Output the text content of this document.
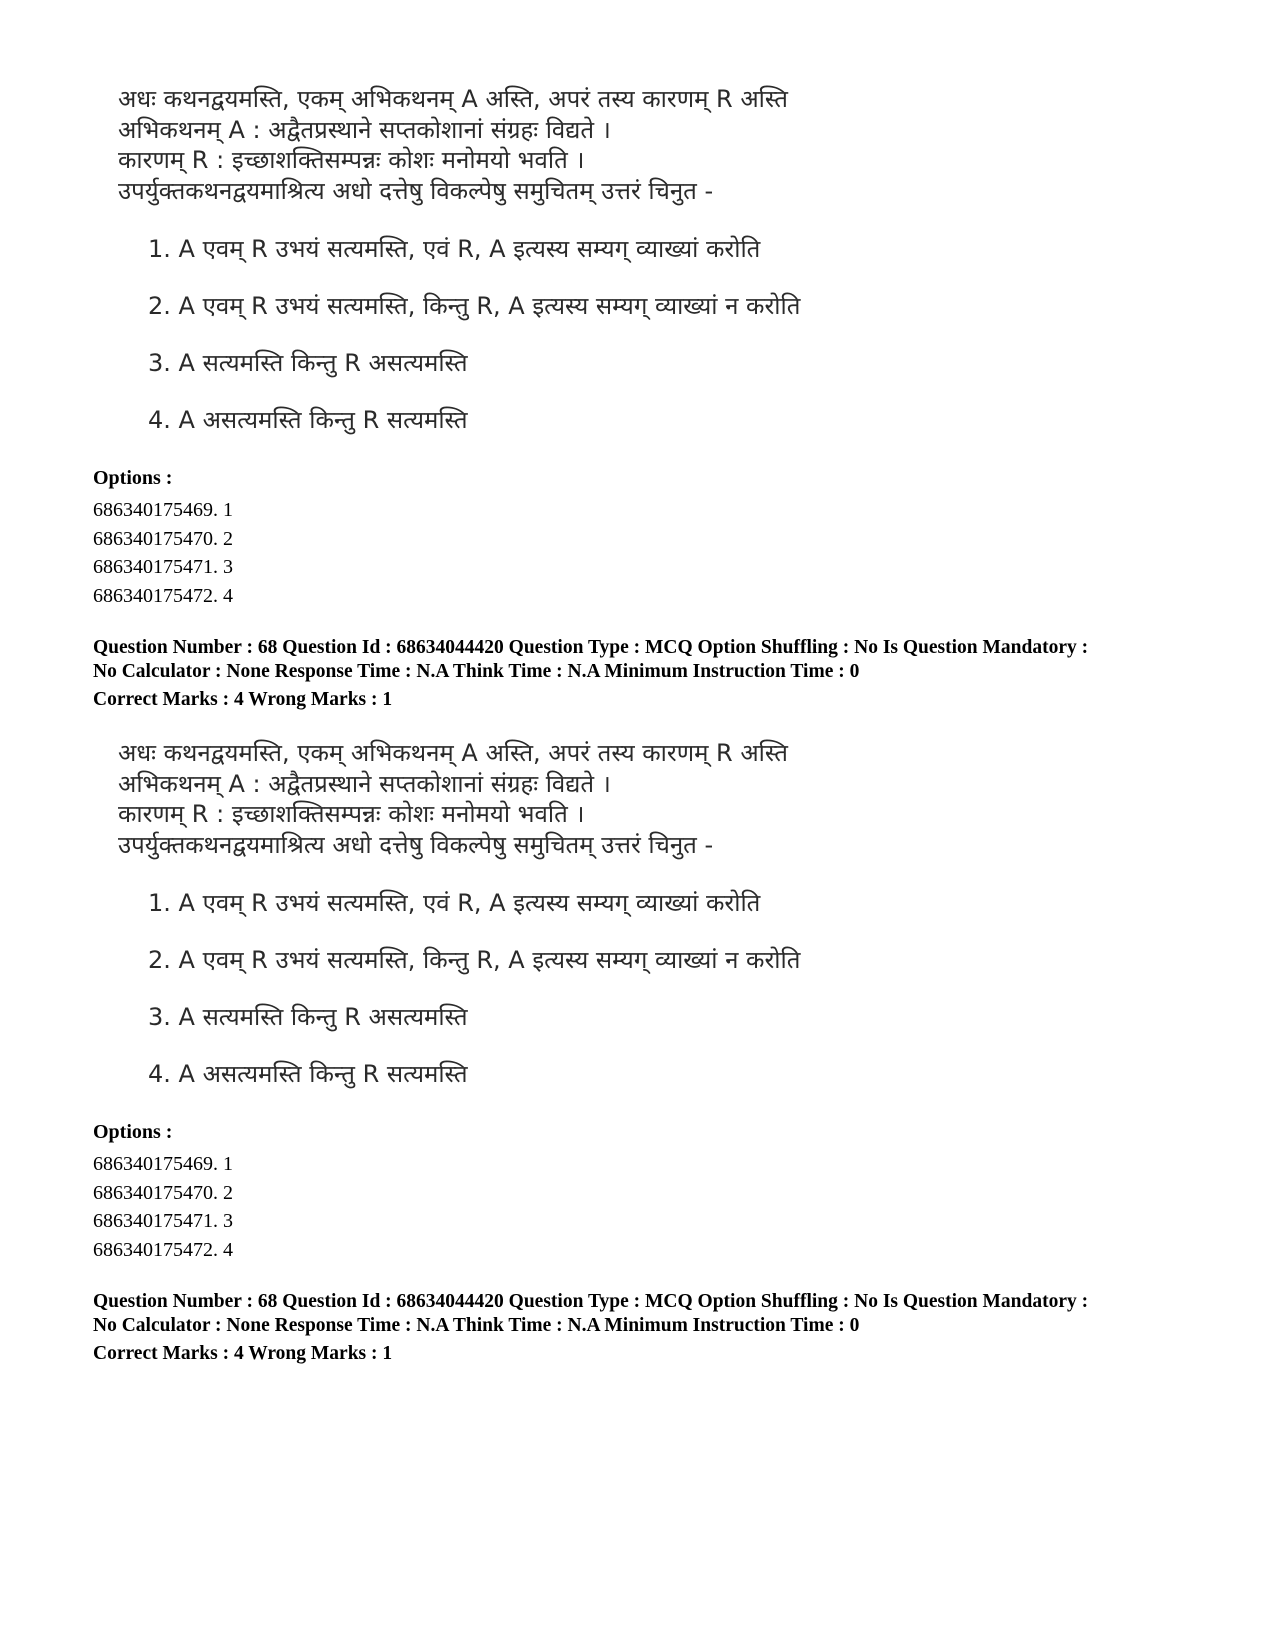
अधः कथनद्वयमस्ति, एकम् अभिकथनम् A अस्ति, अपरं तस्य कारणम् R अस्ति
अभिकथनम् A : अद्वैतप्रस्थाने सप्तकोशानां संग्रहः विद्यते ।
कारणम् R : इच्छाशक्तिसम्पन्नः कोशः मनोमयो भवति ।
उपर्युक्तकथनद्वयमाश्रित्य अधो दत्तेषु विकल्पेषु समुचितम् उत्तरं चिनुत -
1. A एवम् R उभयं सत्यमस्ति, एवं R, A इत्यस्य सम्यग् व्याख्यां करोति
2. A एवम् R उभयं सत्यमस्ति, किन्तु R, A इत्यस्य सम्यग् व्याख्यां न करोति
3. A सत्यमस्ति किन्तु R असत्यमस्ति
4. A असत्यमस्ति किन्तु R सत्यमस्ति
Options :
686340175469. 1
686340175470. 2
686340175471. 3
686340175472. 4
Question Number : 68 Question Id : 68634044420 Question Type : MCQ Option Shuffling : No Is Question Mandatory :
No Calculator : None Response Time : N.A Think Time : N.A Minimum Instruction Time : 0
Correct Marks : 4 Wrong Marks : 1
अधः कथनद्वयमस्ति, एकम् अभिकथनम् A अस्ति, अपरं तस्य कारणम् R अस्ति
अभिकथनम् A : अद्वैतप्रस्थाने सप्तकोशानां संग्रहः विद्यते ।
कारणम् R : इच्छाशक्तिसम्पन्नः कोशः मनोमयो भवति ।
उपर्युक्तकथनद्वयमाश्रित्य अधो दत्तेषु विकल्पेषु समुचितम् उत्तरं चिनुत -
1. A एवम् R उभयं सत्यमस्ति, एवं R, A इत्यस्य सम्यग् व्याख्यां करोति
2. A एवम् R उभयं सत्यमस्ति, किन्तु R, A इत्यस्य सम्यग् व्याख्यां न करोति
3. A सत्यमस्ति किन्तु R असत्यमस्ति
4. A असत्यमस्ति किन्तु R सत्यमस्ति
Options :
686340175469. 1
686340175470. 2
686340175471. 3
686340175472. 4
Question Number : 68 Question Id : 68634044420 Question Type : MCQ Option Shuffling : No Is Question Mandatory :
No Calculator : None Response Time : N.A Think Time : N.A Minimum Instruction Time : 0
Correct Marks : 4 Wrong Marks : 1
